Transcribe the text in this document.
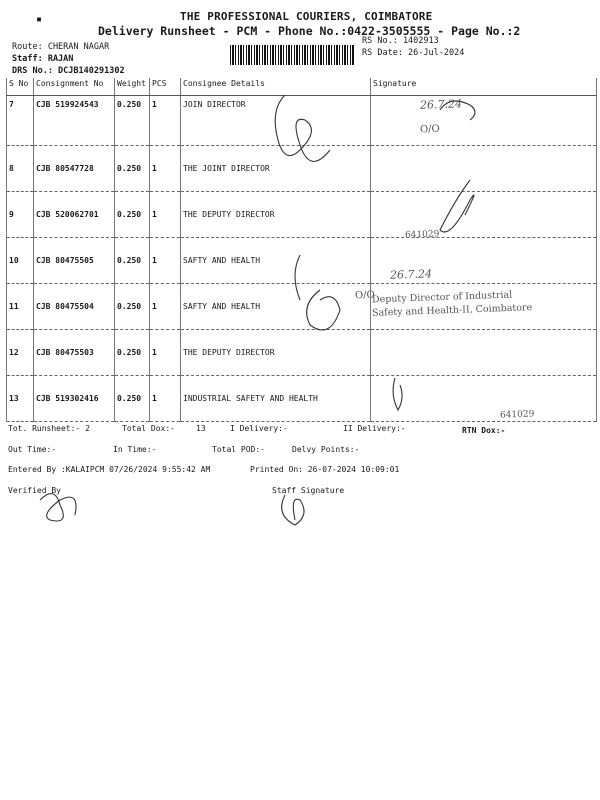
▪	THE PROFESSIONAL COURIERS, COIMBATORE
Delivery Runsheet - PCM - Phone No.:0422-3505555 - Page No.:2
Route: CHERAN NAGAR
Staff: RAJAN
DRS No.: DCJB140291302
RS No.: 1402913
RS Date: 26-Jul-2024
S No	Consignment No	Weight	PCS	Consignee Details	Signature
7	CJB 519924543	0.250	1	JOIN DIRECTOR	
8	CJB 80547728	0.250	1	THE JOINT DIRECTOR	
9	CJB 520062701	0.250	1	THE DEPUTY DIRECTOR	
10	CJB 80475505	0.250	1	SAFTY AND HEALTH	
11	CJB 80475504	0.250	1	SAFTY AND HEALTH	
12	CJB 80475503	0.250	1	THE DEPUTY DIRECTOR	
13	CJB 519302416	0.250	1	INDUSTRIAL SAFETY AND HEALTH	
26.7.24
O/O
641029
26.7.24
O/O
Deputy Director of Industrial
Safety and Health-II, Coimbatore
641029
Tot. Runsheet:- 2	Total Dox:-	13	I Delivery:-	II Delivery:-	RTN Dox:-
Out Time:-	In Time:-	Total POD:-	Delvy Points:-
Entered By :KALAIPCM 07/26/2024 9:55:42 AM	Printed On: 26-07-2024 10:09:01
Verified By	Staff Signature
